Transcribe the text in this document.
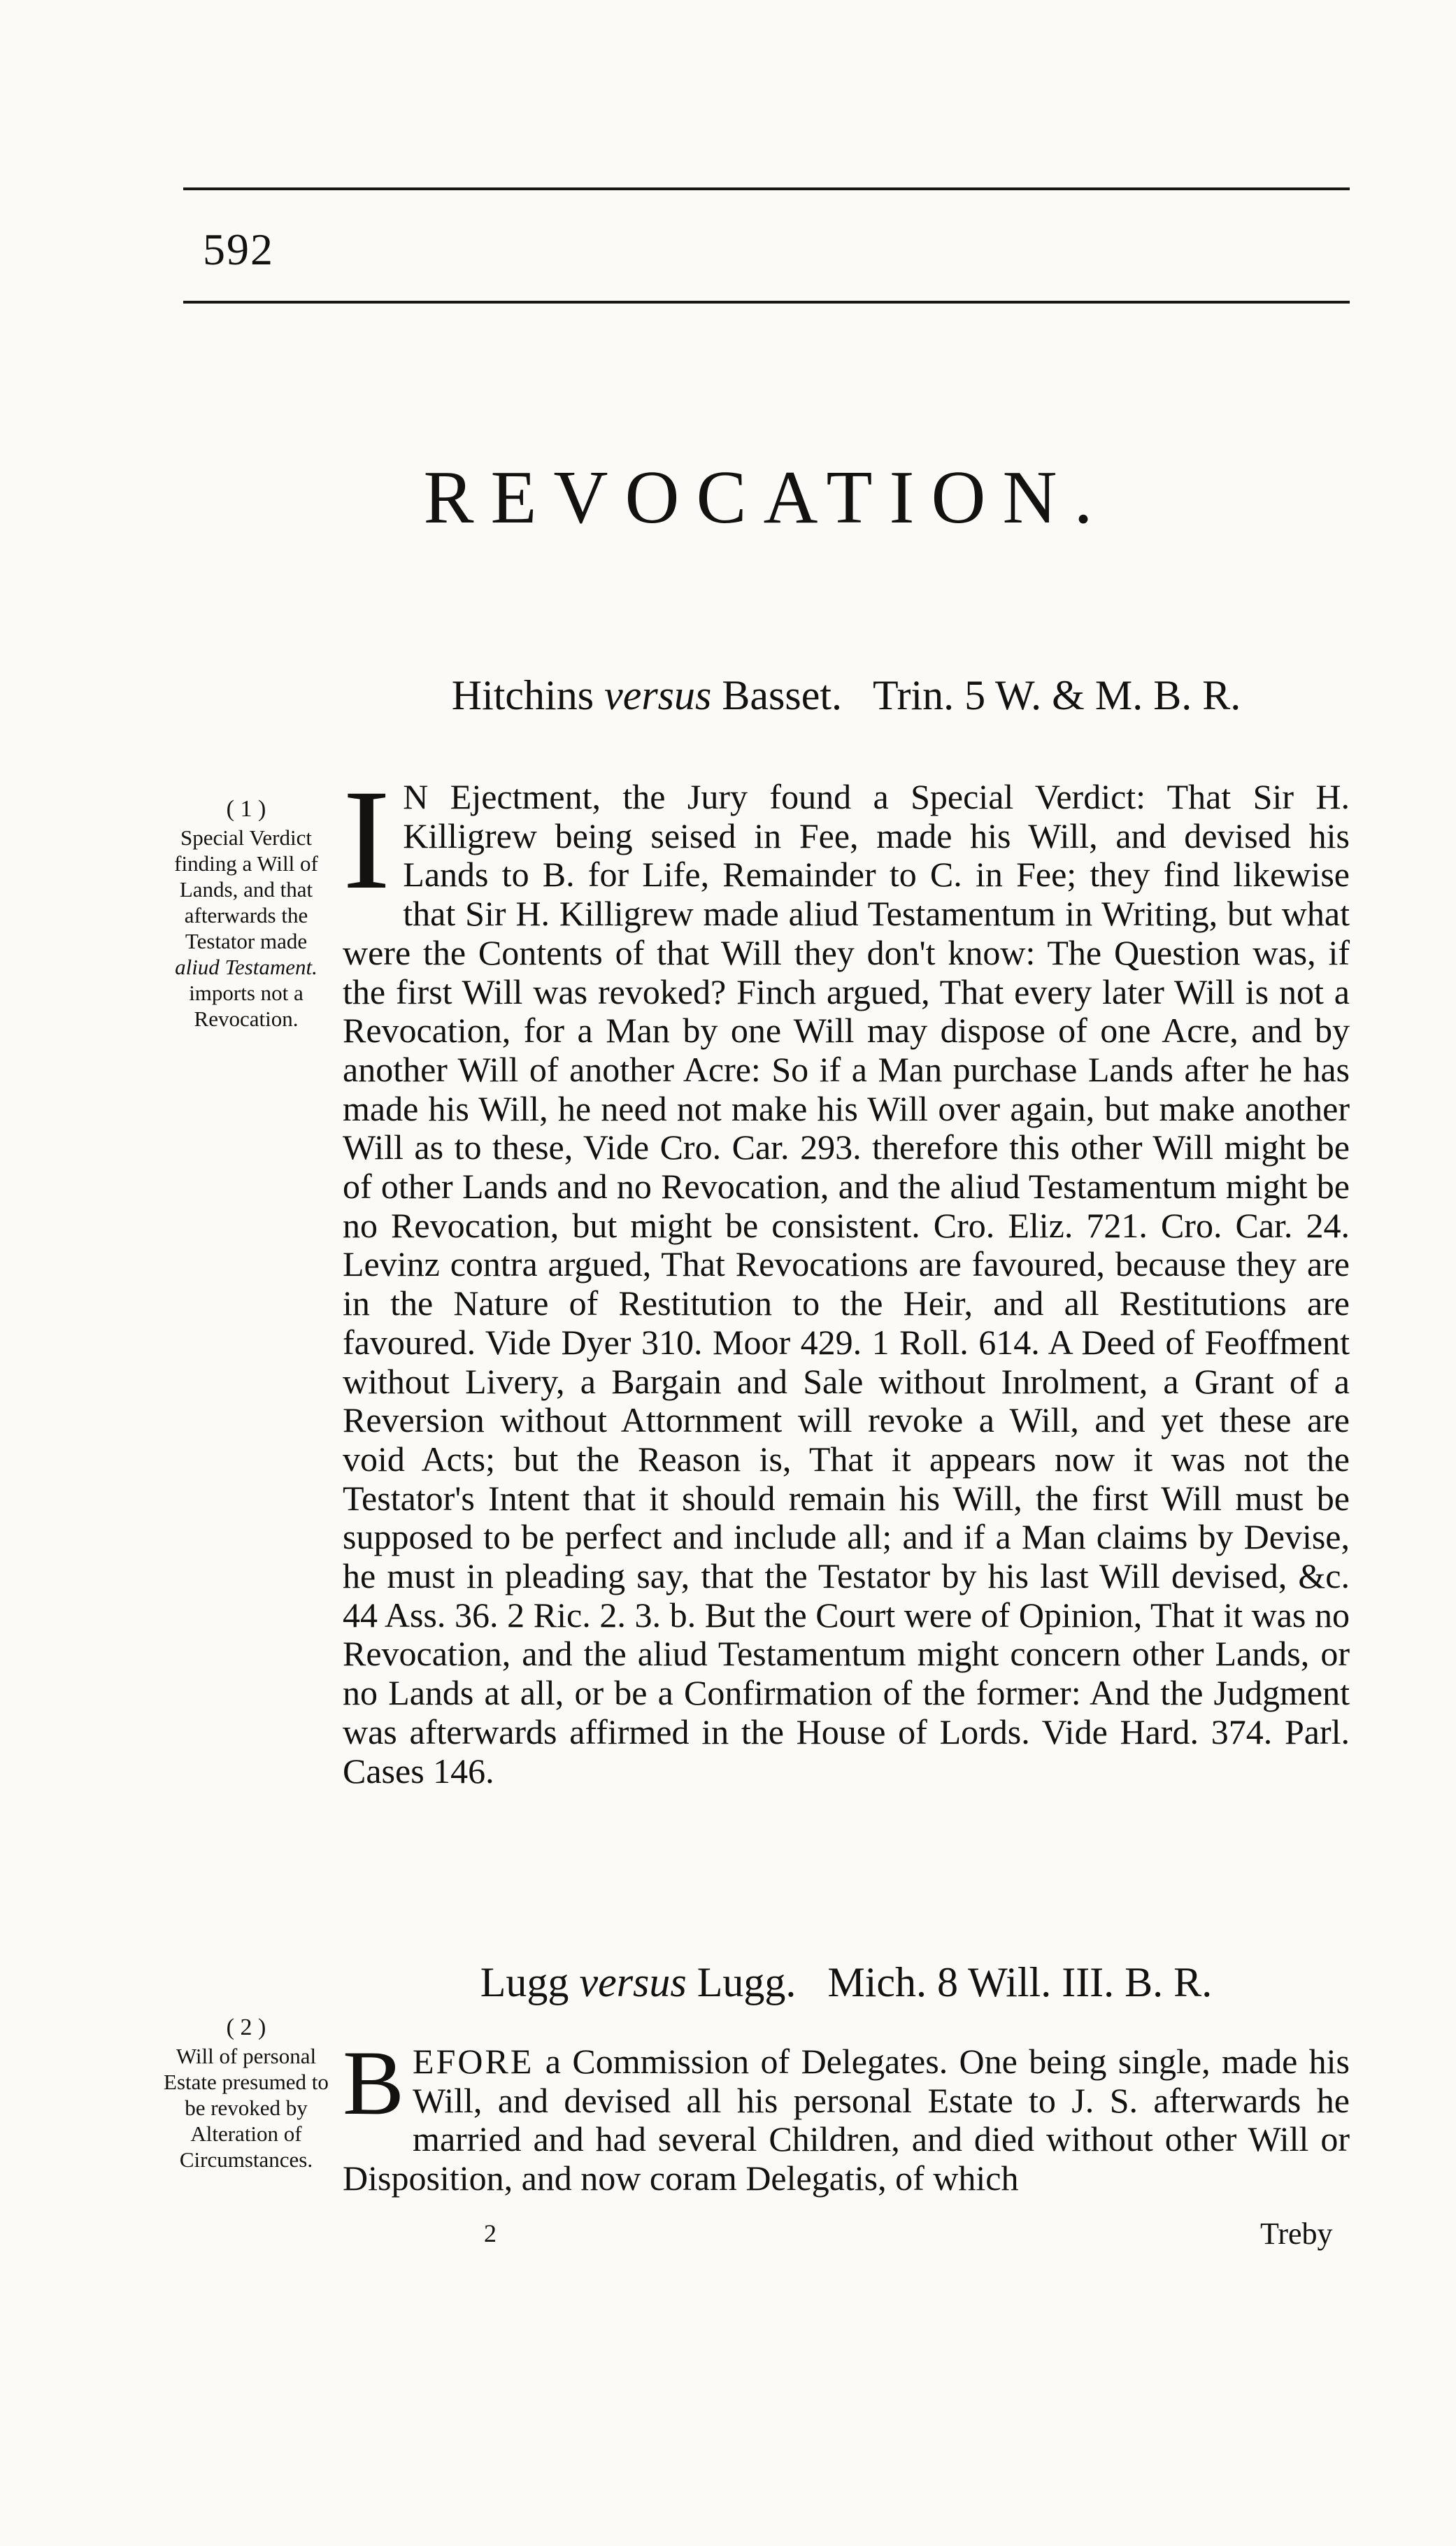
592
REVOCATION.
Hitchins versus Basset. Trin. 5 W. & M. B. R.
( 1 )
Special Verdict finding a Will of Lands, and that afterwards the Testator made aliud Testament. imports not a Revocation.
I N Ejectment, the Jury found a Special Verdict: That Sir H. Killigrew being seised in Fee, made his Will, and devised his Lands to B. for Life, Remainder to C. in Fee; they find likewise that Sir H. Killigrew made aliud Testamentum in Writing, but what were the Contents of that Will they don't know: The Question was, if the first Will was revoked? Finch argued, That every later Will is not a Revocation, for a Man by one Will may dispose of one Acre, and by another Will of another Acre: So if a Man purchase Lands after he has made his Will, he need not make his Will over again, but make another Will as to these, Vide Cro. Car. 293. therefore this other Will might be of other Lands and no Revocation, and the aliud Testamentum might be no Revocation, but might be consistent. Cro. Eliz. 721. Cro. Car. 24. Levinz contra argued, That Revocations are favoured, because they are in the Nature of Restitution to the Heir, and all Restitutions are favoured. Vide Dyer 310. Moor 429. 1 Roll. 614. A Deed of Feoffment without Livery, a Bargain and Sale without Inrolment, a Grant of a Reversion without Attornment will revoke a Will, and yet these are void Acts; but the Reason is, That it appears now it was not the Testator's Intent that it should remain his Will, the first Will must be supposed to be perfect and include all; and if a Man claims by Devise, he must in pleading say, that the Testator by his last Will devised, &c. 44 Ass. 36. 2 Ric. 2. 3. b. But the Court were of Opinion, That it was no Revocation, and the aliud Testamentum might concern other Lands, or no Lands at all, or be a Confirmation of the former: And the Judgment was afterwards affirmed in the House of Lords. Vide Hard. 374. Parl. Cases 146.
Lugg versus Lugg. Mich. 8 Will. III. B. R.
( 2 )
Will of personal Estate presumed to be revoked by Alteration of Circumstances.
BEFORE a Commission of Delegates. One being single, made his Will, and devised all his personal Estate to J. S. afterwards he married and had several Children, and died without other Will or Disposition, and now coram Delegatis, of which
2	Treby
